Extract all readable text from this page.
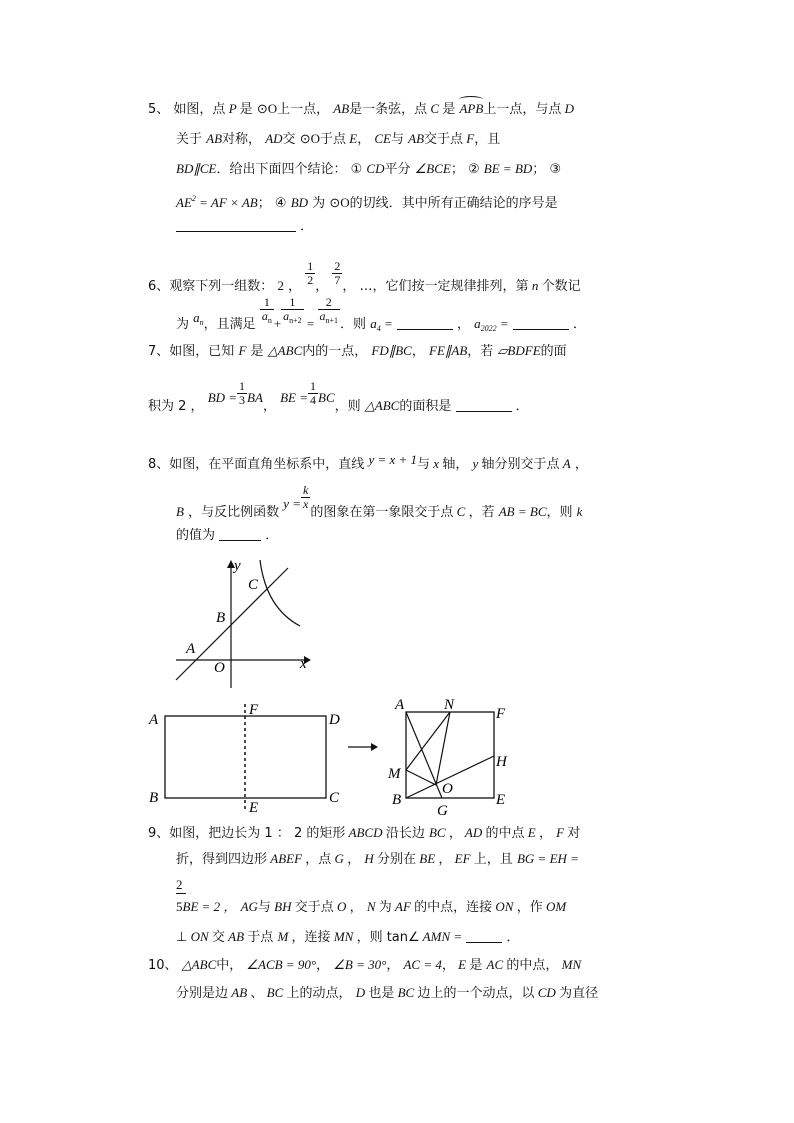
5、 如图，点 P 是 ⊙O上一点， AB是一条弦，点 C 是 APB上一点，与点 D
关于 AB对称， AD交 ⊙O于点 E， CE与 AB交于点 F，且
BD∥CE．给出下面四个结论： ① CD平分 ∠BCE； ② BE = BD； ③
$AE^2$ = AF × AB； ④ BD 为 ⊙O的切线．其中所有正确结论的序号是
．
6、观察下列一组数： 2 ， $\frac{1}{2}$ ， $\frac{2}{7}$ ， …，它们按一定规律排列，第 n 个数记
为 $a_n$，且满足 $\frac{1}{a_n} + \frac{1}{a_{n+2}} = \frac{2}{a_{n+1}}$ ．则 $a_4$ =	， $a_{2022}$ =	．
7、如图，已知 F 是 △ABC内的一点， FD∥BC， FE∥AB，若 ▱BDFE的面
积为 2 ， BD = $\frac{1}{3}$ BA， BE = $\frac{1}{4}$ BC，则 △ABC的面积是	．
8、如图，在平面直角坐标系中，直线 y = x + 1与 x 轴， y 轴分别交于点 A ，
B ，与反比例函数 $y = \frac{k}{x}$
的图象在第一象限交于点 C ，若 AB = BC，则 k
的值为	．
y
x
O
A
B
C
A
F
D
B
E
C
A	N
F
H
M
O
B
G
E
9、如图，把边长为 1 ： 2 的矩形 ABCD 沿长边 BC ， AD 的中点 E ， F 对
折，得到四边形 ABEF ，点 G ， H 分别在 BE ， EF 上，且 BG = EH =
2
5BE = 2 ， AG与 BH 交于点 O ， N 为 AF 的中点，连接 ON ，作 OM
⊥ ON 交 AB 于点 M ，连接 MN ，则 tan∠ AMN =	．
10、 △ABC中， ∠ACB = 90°， ∠B = 30°， AC = 4， E 是 AC 的中点， MN
分别是边 AB 、 BC 上的动点， D 也是 BC 边上的一个动点，以 CD 为直径
